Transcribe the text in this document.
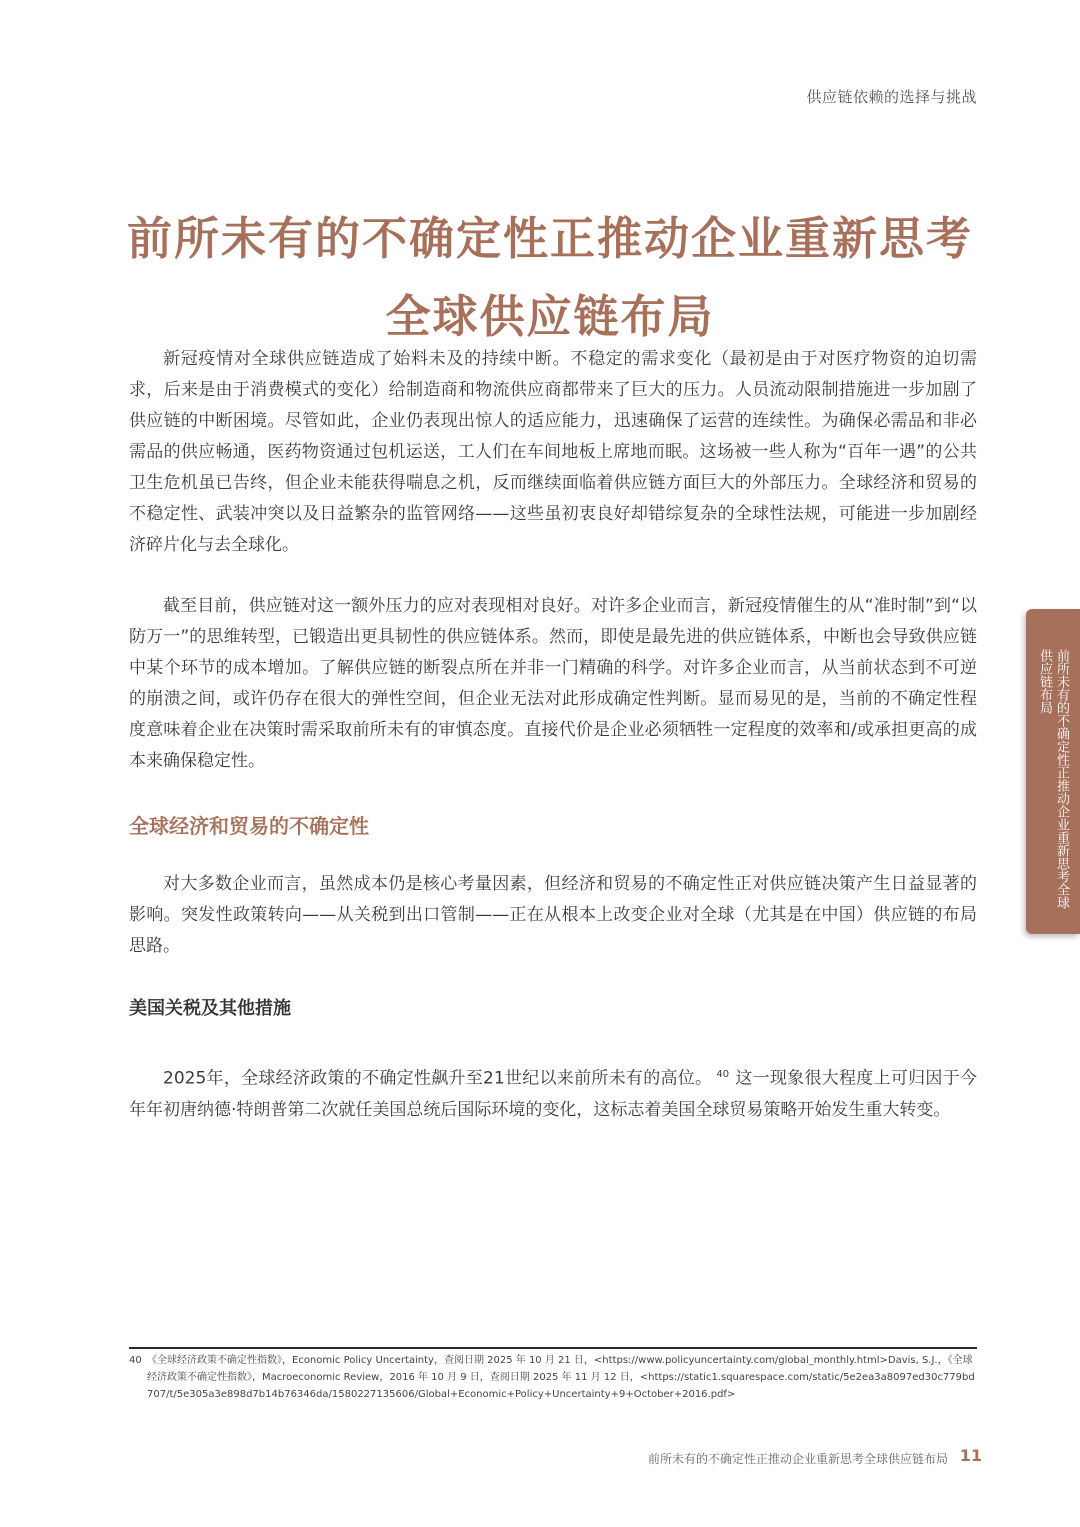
供应链依赖的选择与挑战
前所未有的不确定性正推动企业重新思考
全球供应链布局

新冠疫情对全球供应链造成了始料未及的持续中断。不稳定的需求变化（最初是由于对医疗物资的迫切需求，后来是由于消费模式的变化）给制造商和物流供应商都带来了巨大的压力。人员流动限制措施进一步加剧了供应链的中断困境。尽管如此，企业仍表现出惊人的适应能力，迅速确保了运营的连续性。为确保必需品和非必需品的供应畅通，医药物资通过包机运送，工人们在车间地板上席地而眠。这场被一些人称为“百年一遇”的公共卫生危机虽已告终，但企业未能获得喘息之机，反而继续面临着供应链方面巨大的外部压力。全球经济和贸易的不稳定性、武装冲突以及日益繁杂的监管网络——这些虽初衷良好却错综复杂的全球性法规，可能进一步加剧经济碎片化与去全球化。

截至目前，供应链对这一额外压力的应对表现相对良好。对许多企业而言，新冠疫情催生的从“准时制”到“以防万一”的思维转型，已锻造出更具韧性的供应链体系。然而，即使是最先进的供应链体系，中断也会导致供应链中某个环节的成本增加。了解供应链的断裂点所在并非一门精确的科学。对许多企业而言，从当前状态到不可逆的崩溃之间，或许仍存在很大的弹性空间，但企业无法对此形成确定性判断。显而易见的是，当前的不确定性程度意味着企业在决策时需采取前所未有的审慎态度。直接代价是企业必须牺牲一定程度的效率和/或承担更高的成本来确保稳定性。

全球经济和贸易的不确定性

对大多数企业而言，虽然成本仍是核心考量因素，但经济和贸易的不确定性正对供应链决策产生日益显著的影响。突发性政策转向——从关税到出口管制——正在从根本上改变企业对全球（尤其是在中国）供应链的布局思路。

美国关税及其他措施

2025年，全球经济政策的不确定性飙升至21世纪以来前所未有的高位。 $^{40}$ 这一现象很大程度上可归因于今年年初唐纳德·特朗普第二次就任美国总统后国际环境的变化，这标志着美国全球贸易策略开始发生重大转变。

前所未有的不确定性正推动企业重新思考全球供应链布局
40 《全球经济政策不确定性指数》，Economic Policy Uncertainty，查阅日期 2025 年 10 月 21 日，<https://www.policyuncertainty.com/global_monthly.html>Davis, S.J.，《全球经济政策不确定性指数》，Macroeconomic Review，2016 年 10 月 9 日，查阅日期 2025 年 11 月 12 日，<https://static1.squarespace.com/static/5e2ea3a8097ed30c779bd707/t/5e305a3e898d7b14b76346da/1580227135606/Global+Economic+Policy+Uncertainty+9+October+2016.pdf>
前所未有的不确定性正推动企业重新思考全球供应链布局 11
